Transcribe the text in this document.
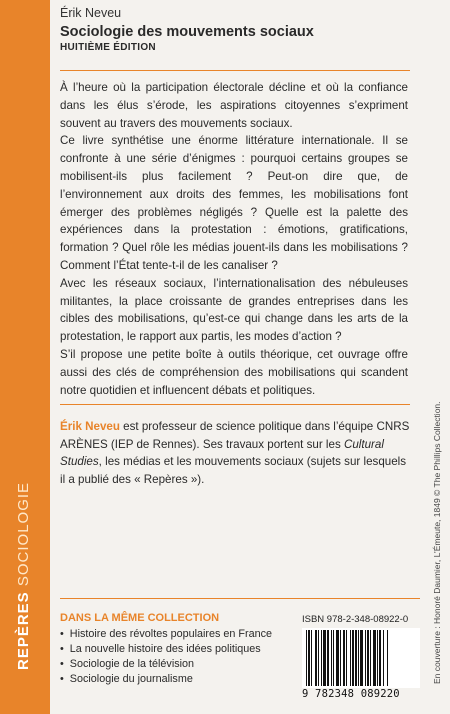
REPÈRES SOCIOLOGIE
Érik Neveu
Sociologie des mouvements sociaux
HUITIÈME ÉDITION

À l’heure où la participation électorale décline et où la confiance dans les élus s’érode, les aspirations citoyennes s’expriment souvent au travers des mouvements sociaux.

Ce livre synthétise une énorme littérature internationale. Il se confronte à une série d’énigmes : pourquoi certains groupes se mobilisent-ils plus facilement ? Peut-on dire que, de l’environnement aux droits des femmes, les mobilisations font émerger des problèmes négligés ? Quelle est la palette des expériences dans la protestation : émotions, gratifications, formation ? Quel rôle les médias jouent-ils dans les mobilisations ? Comment l’État tente-t-il de les canaliser ?

Avec les réseaux sociaux, l’internationalisation des nébuleuses militantes, la place croissante de grandes entreprises dans les cibles des mobilisations, qu’est-ce qui change dans les arts de la protestation, le rapport aux partis, les modes d’action ?

S’il propose une petite boîte à outils théorique, cet ouvrage offre aussi des clés de compréhension des mobilisations qui scandent notre quotidien et influencent débats et politiques.

Érik Neveu est professeur de science politique dans l’équipe CNRS ARÈNES (IEP de Rennes). Ses travaux portent sur les Cultural Studies, les médias et les mouvements sociaux (sujets sur lesquels il a publié des « Repères »).	En couverture : Honoré Daumier, L’Émeute, 1849 © The Phillips Collection.
DANS LA MÊME COLLECTION
• Histoire des révoltes populaires en France
• La nouvelle histoire des idées politiques
• Sociologie de la télévision
• Sociologie du journalisme
ISBN 978-2-348-08922-0
9 782348 089220
